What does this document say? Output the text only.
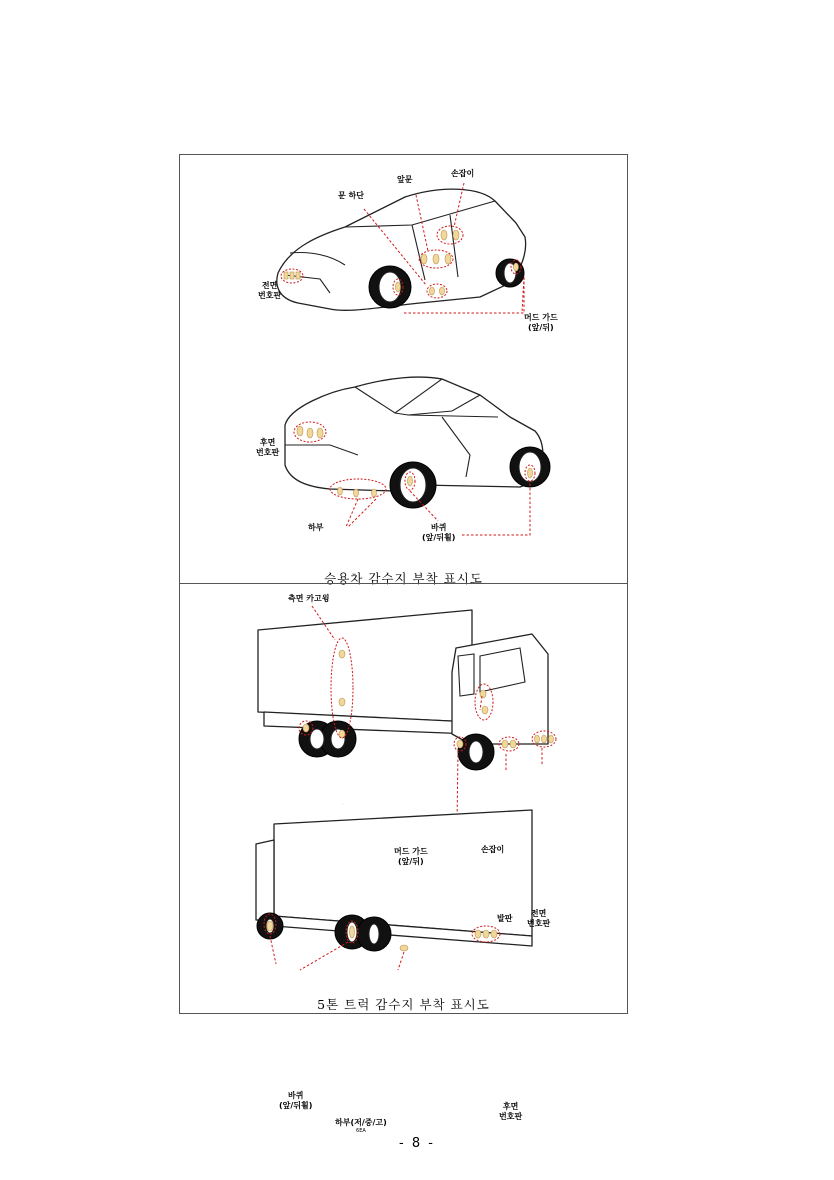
앞문
손잡이
문 하단
전면
번호판
머드 가드
(앞/뒤)
후면
번호판
하부	바퀴
(앞/뒤휠)
승용차 감수지 부착 표시도
측면 카고윙
머드 가드
(앞/뒤)
손잡이
발판
전면
번호판
바퀴
(앞/뒤휠)
하부(저/중/고)
6EA
후면
번호판
5톤 트럭 감수지 부착 표시도
- 8 -
